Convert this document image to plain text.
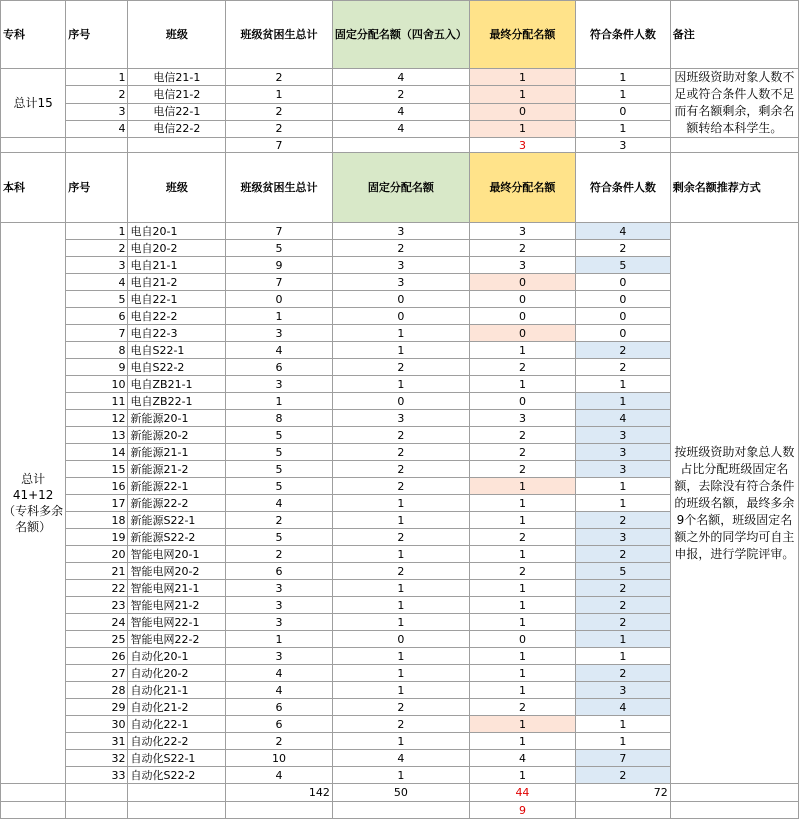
专科	序号	班级	班级贫困生总计	固定分配名额（四舍五入）	最终分配名额	符合条件人数	备注
总计15	1	电信21-1	2	4	1	1	因班级资助对象人数不足或符合条件人数不足而有名额剩余，剩余名额转给本科学生。
	2	电信21-2	1	2	1	1	
	3	电信22-1	2	4	0	0	
	4	电信22-2	2	4	1	1	
			7		3	3	
本科	序号	班级	班级贫困生总计	固定分配名额	最终分配名额	符合条件人数	剩余名额推荐方式
总计41+12（专科多余名额）	1	电自20-1	7	3	3	4	按班级资助对象总人数占比分配班级固定名额，去除没有符合条件的班级名额，最终多余9个名额，班级固定名额之外的同学均可自主申报，进行学院评审。
	2	电自20-2	5	2	2	2	
	3	电自21-1	9	3	3	5	
	4	电自21-2	7	3	0	0	
	5	电自22-1	0	0	0	0	
	6	电自22-2	1	0	0	0	
	7	电自22-3	3	1	0	0	
	8	电自S22-1	4	1	1	2	
	9	电自S22-2	6	2	2	2	
	10	电自ZB21-1	3	1	1	1	
	11	电自ZB22-1	1	0	0	1	
	12	新能源20-1	8	3	3	4	
	13	新能源20-2	5	2	2	3	
	14	新能源21-1	5	2	2	3	
	15	新能源21-2	5	2	2	3	
	16	新能源22-1	5	2	1	1	
	17	新能源22-2	4	1	1	1	
	18	新能源S22-1	2	1	1	2	
	19	新能源S22-2	5	2	2	3	
	20	智能电网20-1	2	1	1	2	
	21	智能电网20-2	6	2	2	5	
	22	智能电网21-1	3	1	1	2	
	23	智能电网21-2	3	1	1	2	
	24	智能电网22-1	3	1	1	2	
	25	智能电网22-2	1	0	0	1	
	26	自动化20-1	3	1	1	1	
	27	自动化20-2	4	1	1	2	
	28	自动化21-1	4	1	1	3	
	29	自动化21-2	6	2	2	4	
	30	自动化22-1	6	2	1	1	
	31	自动化22-2	2	1	1	1	
	32	自动化S22-1	10	4	4	7	
	33	自动化S22-2	4	1	1	2	
			142	50	44	72	
					9		
